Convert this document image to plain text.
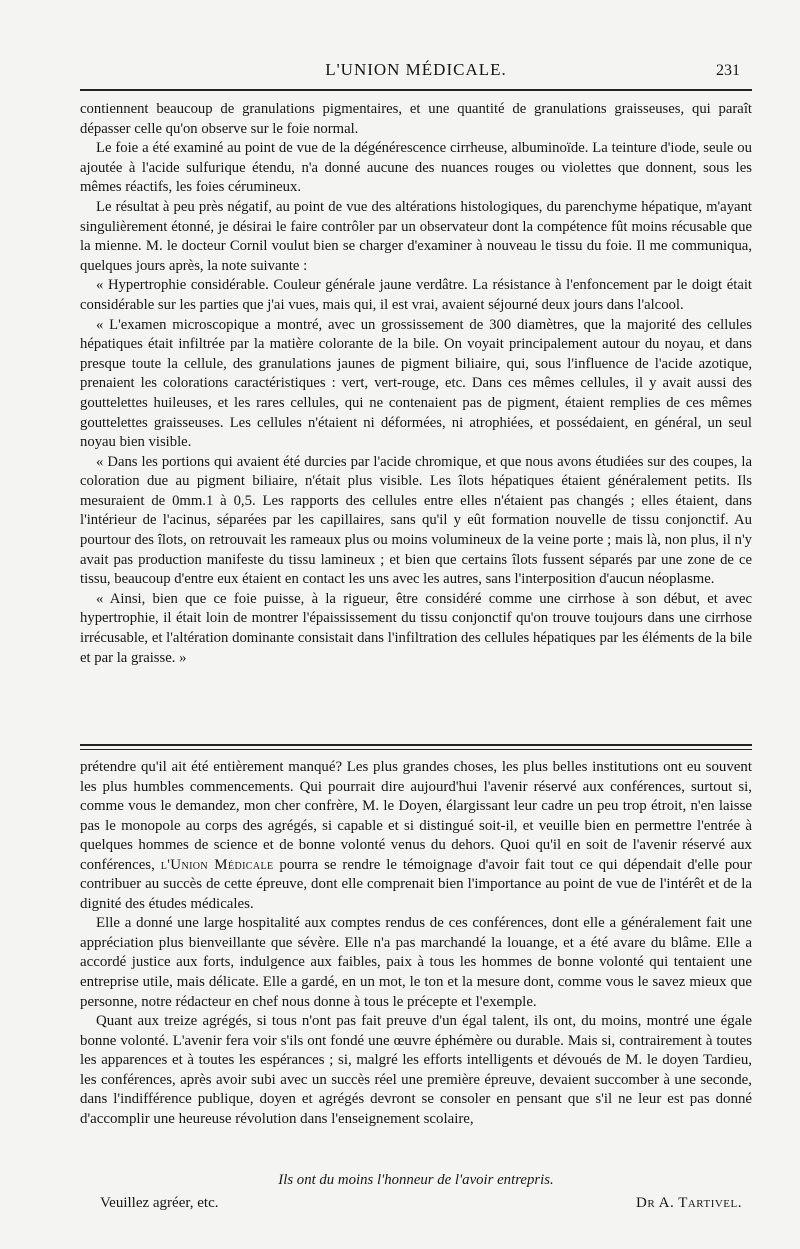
L'UNION MÉDICALE.	231

contiennent beaucoup de granulations pigmentaires, et une quantité de granulations graisseuses, qui paraît dépasser celle qu'on observe sur le foie normal.

Le foie a été examiné au point de vue de la dégénérescence cirrheuse, albuminoïde. La teinture d'iode, seule ou ajoutée à l'acide sulfurique étendu, n'a donné aucune des nuances rouges ou violettes que donnent, sous les mêmes réactifs, les foies cérumineux.

Le résultat à peu près négatif, au point de vue des altérations histologiques, du parenchyme hépatique, m'ayant singulièrement étonné, je désirai le faire contrôler par un observateur dont la compétence fût moins récusable que la mienne. M. le docteur Cornil voulut bien se charger d'examiner à nouveau le tissu du foie. Il me communiqua, quelques jours après, la note suivante :

« Hypertrophie considérable. Couleur générale jaune verdâtre. La résistance à l'enfoncement par le doigt était considérable sur les parties que j'ai vues, mais qui, il est vrai, avaient séjourné deux jours dans l'alcool.

« L'examen microscopique a montré, avec un grossissement de 300 diamètres, que la majorité des cellules hépatiques était infiltrée par la matière colorante de la bile. On voyait principalement autour du noyau, et dans presque toute la cellule, des granulations jaunes de pigment biliaire, qui, sous l'influence de l'acide azotique, prenaient les colorations caractéristiques : vert, vert-rouge, etc. Dans ces mêmes cellules, il y avait aussi des gouttelettes huileuses, et les rares cellules, qui ne contenaient pas de pigment, étaient remplies de ces mêmes gouttelettes graisseuses. Les cellules n'étaient ni déformées, ni atrophiées, et possédaient, en général, un seul noyau bien visible.

« Dans les portions qui avaient été durcies par l'acide chromique, et que nous avons étudiées sur des coupes, la coloration due au pigment biliaire, n'était plus visible. Les îlots hépatiques étaient généralement petits. Ils mesuraient de 0mm.1 à 0,5. Les rapports des cellules entre elles n'étaient pas changés ; elles étaient, dans l'intérieur de l'acinus, séparées par les capillaires, sans qu'il y eût formation nouvelle de tissu conjonctif. Au pourtour des îlots, on retrouvait les rameaux plus ou moins volumineux de la veine porte ; mais là, non plus, il n'y avait pas production manifeste du tissu lamineux ; et bien que certains îlots fussent séparés par une zone de ce tissu, beaucoup d'entre eux étaient en contact les uns avec les autres, sans l'interposition d'aucun néoplasme.

« Ainsi, bien que ce foie puisse, à la rigueur, être considéré comme une cirrhose à son début, et avec hypertrophie, il était loin de montrer l'épaississement du tissu conjonctif qu'on trouve toujours dans une cirrhose irrécusable, et l'altération dominante consistait dans l'infiltration des cellules hépatiques par les éléments de la bile et par la graisse. »

prétendre qu'il ait été entièrement manqué? Les plus grandes choses, les plus belles institutions ont eu souvent les plus humbles commencements. Qui pourrait dire aujourd'hui l'avenir réservé aux conférences, surtout si, comme vous le demandez, mon cher confrère, M. le Doyen, élargissant leur cadre un peu trop étroit, n'en laisse pas le monopole au corps des agrégés, si capable et si distingué soit-il, et veuille bien en permettre l'entrée à quelques hommes de science et de bonne volonté venus du dehors. Quoi qu'il en soit de l'avenir réservé aux conférences, l'Union Médicale pourra se rendre le témoignage d'avoir fait tout ce qui dépendait d'elle pour contribuer au succès de cette épreuve, dont elle comprenait bien l'importance au point de vue de l'intérêt et de la dignité des études médicales.

Elle a donné une large hospitalité aux comptes rendus de ces conférences, dont elle a généralement fait une appréciation plus bienveillante que sévère. Elle n'a pas marchandé la louange, et a été avare du blâme. Elle a accordé justice aux forts, indulgence aux faibles, paix à tous les hommes de bonne volonté qui tentaient une entreprise utile, mais délicate. Elle a gardé, en un mot, le ton et la mesure dont, comme vous le savez mieux que personne, notre rédacteur en chef nous donne à tous le précepte et l'exemple.

Quant aux treize agrégés, si tous n'ont pas fait preuve d'un égal talent, ils ont, du moins, montré une égale bonne volonté. L'avenir fera voir s'ils ont fondé une œuvre éphémère ou durable. Mais si, contrairement à toutes les apparences et à toutes les espérances ; si, malgré les efforts intelligents et dévoués de M. le doyen Tardieu, les conférences, après avoir subi avec un succès réel une première épreuve, devaient succomber à une seconde, dans l'indifférence publique, doyen et agrégés devront se consoler en pensant que s'il ne leur est pas donné d'accomplir une heureuse révolution dans l'enseignement scolaire,

Ils ont du moins l'honneur de l'avoir entrepris.
Veuillez agréer, etc.	Dr A. Tartivel.
